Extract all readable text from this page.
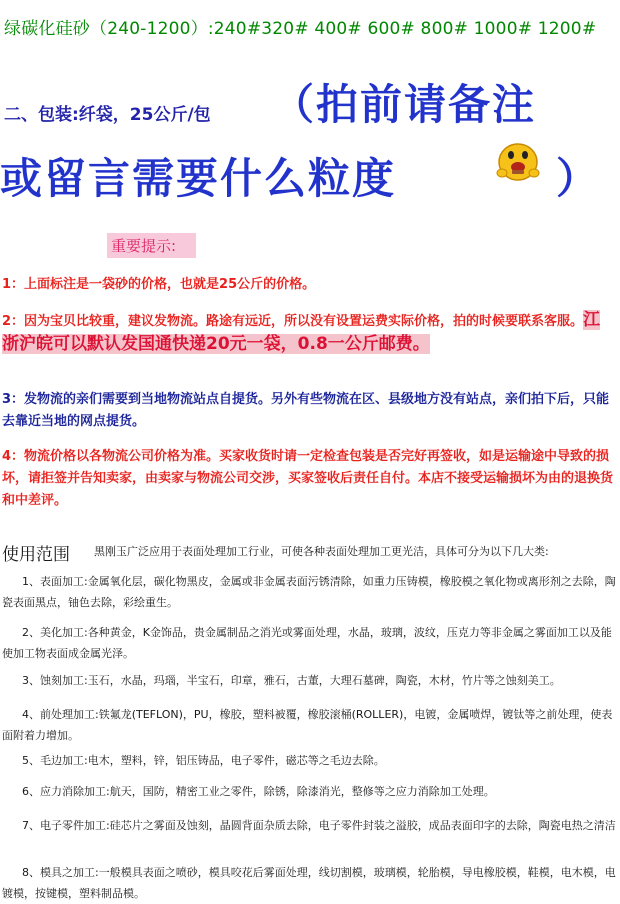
绿碳化硅砂（240-1200）:240#320# 400# 600# 800# 1000# 1200#
二、包装:纤袋，25公斤/包 （拍前请备注
或留言需要什么粒度	）
重要提示:
1：上面标注是一袋砂的价格，也就是25公斤的价格。
2：因为宝贝比较重，建议发物流。路途有远近，所以没有设置运费实际价格，拍的时候要联系客服。江浙沪皖可以默认发国通快递20元一袋，0.8一公斤邮费。
3：发物流的亲们需要到当地物流站点自提货。另外有些物流在区、县级地方没有站点，亲们拍下后，只能去靠近当地的网点提货。
4：物流价格以各物流公司价格为准。买家收货时请一定检查包装是否完好再签收，如是运输途中导致的损坏，请拒签并告知卖家，由卖家与物流公司交涉，买家签收后责任自付。本店不接受运输损坏为由的退换货和中差评。
使用范围 黑刚玉广泛应用于表面处理加工行业，可使各种表面处理加工更光洁，具体可分为以下几大类:
1、表面加工:金属氧化层，碳化物黑皮，金属或非金属表面污锈清除，如重力压铸模，橡胶模之氧化物或离形剂之去除，陶瓷表面黑点，铀色去除，彩绘重生。
2、美化加工:各种黄金，K金饰品，贵金属制品之消光或雾面处理，水晶，玻璃，波纹，压克力等非金属之雾面加工以及能使加工物表面成金属光泽。
3、蚀刻加工:玉石，水晶，玛瑙，半宝石，印章，雅石，古董，大理石墓碑，陶瓷，木材，竹片等之蚀刻美工。
4、前处理加工:铁氟龙(TEFLON)，PU，橡胶，塑料被覆，橡胶滚桶(ROLLER)，电镀，金属喷焊，镀钛等之前处理，使表面附着力增加。
5、毛边加工:电木，塑料，锌，铝压铸品，电子零件，磁芯等之毛边去除。
6、应力消除加工:航天，国防，精密工业之零件，除锈，除漆消光，整修等之应力消除加工处理。
7、电子零件加工:硅芯片之雾面及蚀刻，晶圆背面杂质去除，电子零件封装之溢胶，成品表面印字的去除，陶瓷电热之清洁
8、模具之加工:一般模具表面之喷砂，模具咬花后雾面处理，线切割模，玻璃模，轮胎模，导电橡胶模，鞋模，电木模，电镀模，按键模，塑料制品模。
